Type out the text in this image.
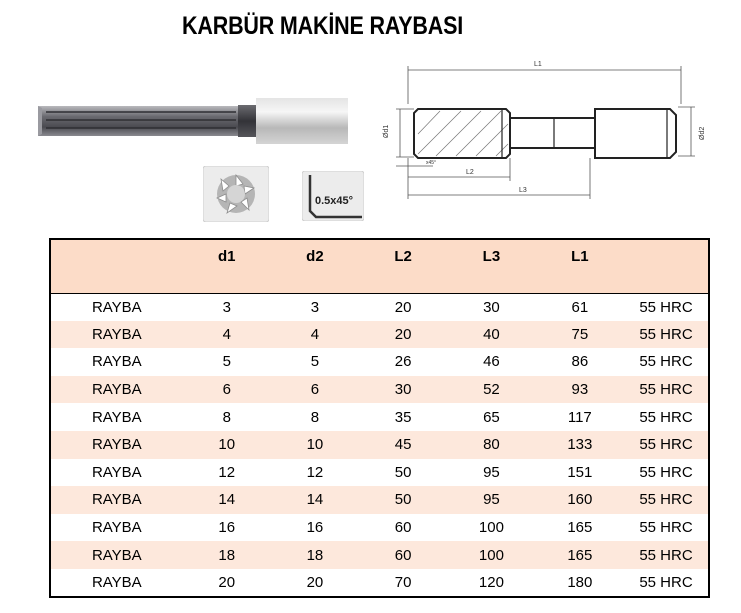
KARBÜR MAKİNE RAYBASI
0.5x45°
L1
L2
L3
x45°
Ød1	Ød2
	d1	d2	L2	L3	L1	
RAYBA	3	3	20	30	61	55 HRC
RAYBA	4	4	20	40	75	55 HRC
RAYBA	5	5	26	46	86	55 HRC
RAYBA	6	6	30	52	93	55 HRC
RAYBA	8	8	35	65	117	55 HRC
RAYBA	10	10	45	80	133	55 HRC
RAYBA	12	12	50	95	151	55 HRC
RAYBA	14	14	50	95	160	55 HRC
RAYBA	16	16	60	100	165	55 HRC
RAYBA	18	18	60	100	165	55 HRC
RAYBA	20	20	70	120	180	55 HRC
